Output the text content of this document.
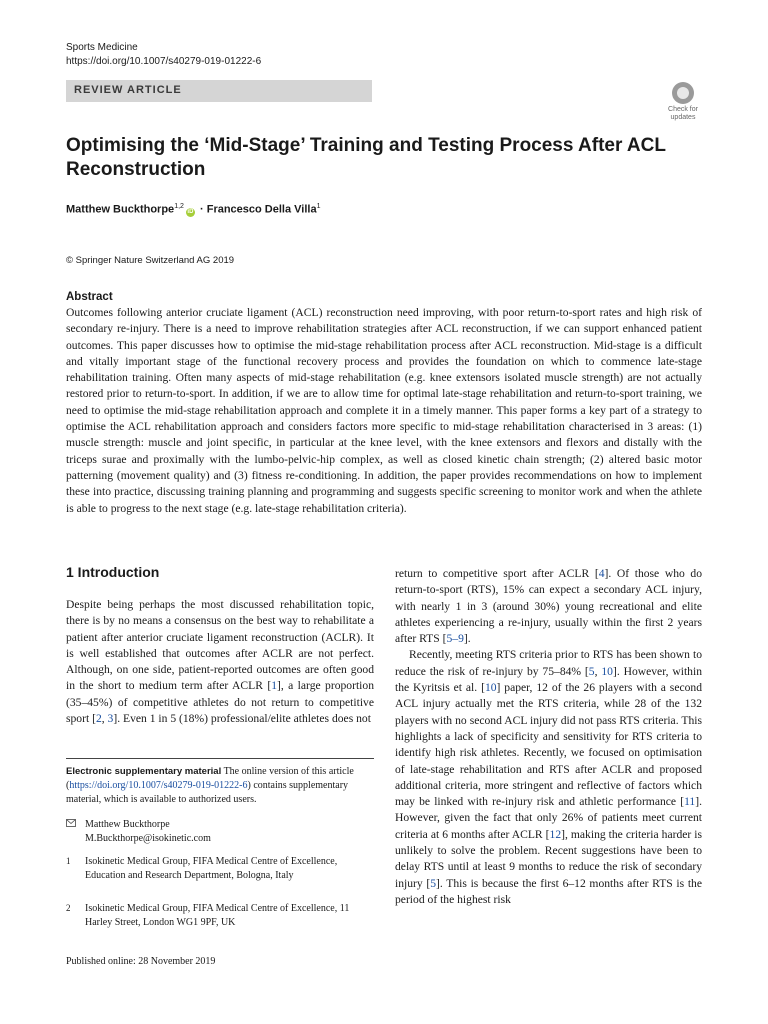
Sports Medicine
https://doi.org/10.1007/s40279-019-01222-6
REVIEW ARTICLE
Check for updates
Optimising the ‘Mid-Stage’ Training and Testing Process After ACL Reconstruction
Matthew Buckthorpe$^{1,2}$iD · Francesco Della Villa$^1$
© Springer Nature Switzerland AG 2019
Abstract
Outcomes following anterior cruciate ligament (ACL) reconstruction need improving, with poor return-to-sport rates and high risk of secondary re-injury. There is a need to improve rehabilitation strategies after ACL reconstruction, if we can support enhanced patient outcomes. This paper discusses how to optimise the mid-stage rehabilitation process after ACL reconstruction. Mid-stage is a difficult and vitally important stage of the functional recovery process and provides the foundation on which to commence late-stage rehabilitation training. Often many aspects of mid-stage rehabilitation (e.g. knee extensors isolated muscle strength) are not actually restored prior to return-to-sport. In addition, if we are to allow time for optimal late-stage rehabilitation and return-to-sport training, we need to optimise the mid-stage rehabilitation approach and complete it in a timely manner. This paper forms a key part of a strategy to optimise the ACL rehabilitation approach and considers factors more specific to mid-stage rehabilitation characterised in 3 areas: (1) muscle strength: muscle and joint specific, in particular at the knee level, with the knee extensors and flexors and distally with the triceps surae and proximally with the lumbo-pelvic-hip complex, as well as closed kinetic chain strength; (2) altered basic motor patterning (movement quality) and (3) fitness re-conditioning. In addition, the paper provides recommendations on how to implement these into practice, discussing training planning and programming and suggests specific screening to monitor work and when the athlete is able to progress to the next stage (e.g. late-stage rehabilitation criteria).
1 Introduction
Despite being perhaps the most discussed rehabilitation topic, there is by no means a consensus on the best way to rehabilitate a patient after anterior cruciate ligament reconstruction (ACLR). It is well established that outcomes after ACLR are not perfect. Although, on one side, patient-reported outcomes are often good in the short to medium term after ACLR [1], a large proportion (35–45%) of competitive athletes do not return to competitive sport [2, 3]. Even 1 in 5 (18%) professional/elite athletes does not
Electronic supplementary material The online version of this article (https://doi.org/10.1007/s40279-019-01222-6) contains supplementary material, which is available to authorized users.
Matthew Buckthorpe
M.Buckthorpe@isokinetic.com
1 Isokinetic Medical Group, FIFA Medical Centre of Excellence, Education and Research Department, Bologna, Italy
2 Isokinetic Medical Group, FIFA Medical Centre of Excellence, 11 Harley Street, London WG1 9PF, UK
Published online: 28 November 2019

return to competitive sport after ACLR [4]. Of those who do return-to-sport (RTS), 15% can expect a secondary ACL injury, with nearly 1 in 3 (around 30%) young recreational and elite athletes experiencing a re-injury, usually within the first 2 years after RTS [5–9].

Recently, meeting RTS criteria prior to RTS has been shown to reduce the risk of re-injury by 75–84% [5, 10]. However, within the Kyritsis et al. [10] paper, 12 of the 26 players with a second ACL injury actually met the RTS criteria, while 28 of the 132 players with no second ACL injury did not pass RTS criteria. This highlights a lack of specificity and sensitivity for RTS criteria to identify high risk athletes. Recently, we focused on optimisation of late-stage rehabilitation and RTS after ACLR and proposed additional criteria, more stringent and reflective of factors which may be linked with re-injury risk and athletic performance [11]. However, given the fact that only 26% of patients meet current criteria at 6 months after ACLR [12], making the criteria harder is unlikely to solve the problem. Recent suggestions have been to delay RTS until at least 9 months to reduce the risk of secondary injury [5]. This is because the first 6–12 months after RTS is the period of the highest risk
